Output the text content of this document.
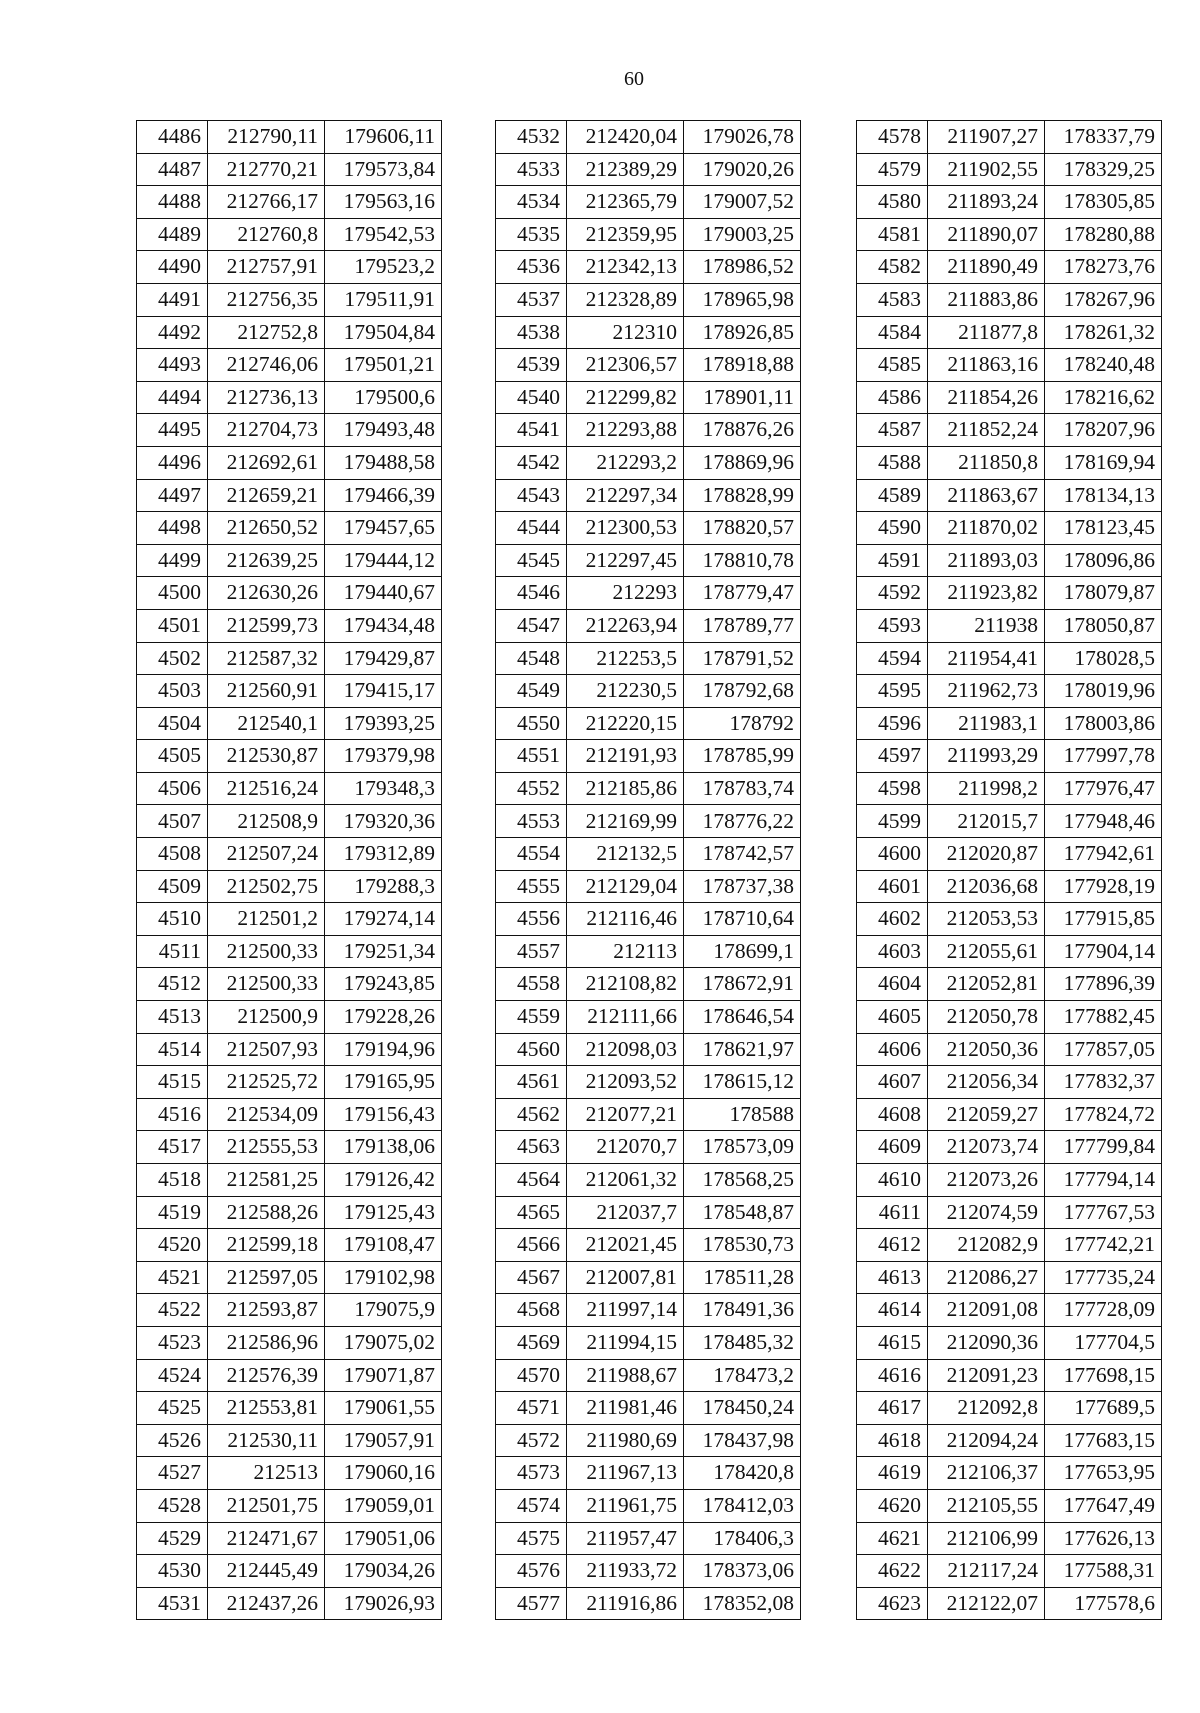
60
4486	212790,11	179606,11
4487	212770,21	179573,84
4488	212766,17	179563,16
4489	212760,8	179542,53
4490	212757,91	179523,2
4491	212756,35	179511,91
4492	212752,8	179504,84
4493	212746,06	179501,21
4494	212736,13	179500,6
4495	212704,73	179493,48
4496	212692,61	179488,58
4497	212659,21	179466,39
4498	212650,52	179457,65
4499	212639,25	179444,12
4500	212630,26	179440,67
4501	212599,73	179434,48
4502	212587,32	179429,87
4503	212560,91	179415,17
4504	212540,1	179393,25
4505	212530,87	179379,98
4506	212516,24	179348,3
4507	212508,9	179320,36
4508	212507,24	179312,89
4509	212502,75	179288,3
4510	212501,2	179274,14
4511	212500,33	179251,34
4512	212500,33	179243,85
4513	212500,9	179228,26
4514	212507,93	179194,96
4515	212525,72	179165,95
4516	212534,09	179156,43
4517	212555,53	179138,06
4518	212581,25	179126,42
4519	212588,26	179125,43
4520	212599,18	179108,47
4521	212597,05	179102,98
4522	212593,87	179075,9
4523	212586,96	179075,02
4524	212576,39	179071,87
4525	212553,81	179061,55
4526	212530,11	179057,91
4527	212513	179060,16
4528	212501,75	179059,01
4529	212471,67	179051,06
4530	212445,49	179034,26
4531	212437,26	179026,93
4532	212420,04	179026,78
4533	212389,29	179020,26
4534	212365,79	179007,52
4535	212359,95	179003,25
4536	212342,13	178986,52
4537	212328,89	178965,98
4538	212310	178926,85
4539	212306,57	178918,88
4540	212299,82	178901,11
4541	212293,88	178876,26
4542	212293,2	178869,96
4543	212297,34	178828,99
4544	212300,53	178820,57
4545	212297,45	178810,78
4546	212293	178779,47
4547	212263,94	178789,77
4548	212253,5	178791,52
4549	212230,5	178792,68
4550	212220,15	178792
4551	212191,93	178785,99
4552	212185,86	178783,74
4553	212169,99	178776,22
4554	212132,5	178742,57
4555	212129,04	178737,38
4556	212116,46	178710,64
4557	212113	178699,1
4558	212108,82	178672,91
4559	212111,66	178646,54
4560	212098,03	178621,97
4561	212093,52	178615,12
4562	212077,21	178588
4563	212070,7	178573,09
4564	212061,32	178568,25
4565	212037,7	178548,87
4566	212021,45	178530,73
4567	212007,81	178511,28
4568	211997,14	178491,36
4569	211994,15	178485,32
4570	211988,67	178473,2
4571	211981,46	178450,24
4572	211980,69	178437,98
4573	211967,13	178420,8
4574	211961,75	178412,03
4575	211957,47	178406,3
4576	211933,72	178373,06
4577	211916,86	178352,08
4578	211907,27	178337,79
4579	211902,55	178329,25
4580	211893,24	178305,85
4581	211890,07	178280,88
4582	211890,49	178273,76
4583	211883,86	178267,96
4584	211877,8	178261,32
4585	211863,16	178240,48
4586	211854,26	178216,62
4587	211852,24	178207,96
4588	211850,8	178169,94
4589	211863,67	178134,13
4590	211870,02	178123,45
4591	211893,03	178096,86
4592	211923,82	178079,87
4593	211938	178050,87
4594	211954,41	178028,5
4595	211962,73	178019,96
4596	211983,1	178003,86
4597	211993,29	177997,78
4598	211998,2	177976,47
4599	212015,7	177948,46
4600	212020,87	177942,61
4601	212036,68	177928,19
4602	212053,53	177915,85
4603	212055,61	177904,14
4604	212052,81	177896,39
4605	212050,78	177882,45
4606	212050,36	177857,05
4607	212056,34	177832,37
4608	212059,27	177824,72
4609	212073,74	177799,84
4610	212073,26	177794,14
4611	212074,59	177767,53
4612	212082,9	177742,21
4613	212086,27	177735,24
4614	212091,08	177728,09
4615	212090,36	177704,5
4616	212091,23	177698,15
4617	212092,8	177689,5
4618	212094,24	177683,15
4619	212106,37	177653,95
4620	212105,55	177647,49
4621	212106,99	177626,13
4622	212117,24	177588,31
4623	212122,07	177578,6
